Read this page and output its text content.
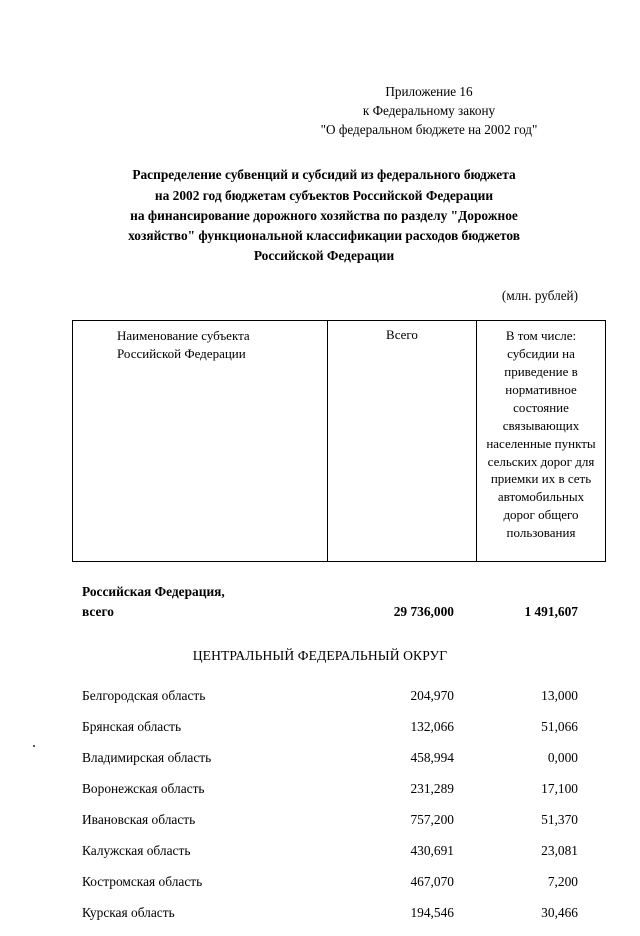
Приложение 16
к Федеральному закону
"О федеральном бюджете на 2002 год"
Распределение субвенций и субсидий из федерального бюджета
на 2002 год бюджетам субъектов Российской Федерации
на финансирование дорожного хозяйства по разделу "Дорожное
хозяйство" функциональной классификации расходов бюджетов
Российской Федерации
(млн. рублей)
Наименование субъекта
Российской Федерации
	Всего	В том числе: субсидии на приведение в нормативное состояние связывающих населенные пункты сельских дорог для приемки их в сеть автомобильных дорог общего пользования
Российская Федерация,
всего	29 736,000	1 491,607
ЦЕНТРАЛЬНЫЙ ФЕДЕРАЛЬНЫЙ ОКРУГ
Белгородская область	204,970	13,000
Брянская область	132,066	51,066
Владимирская область	458,994	0,000
Воронежская область	231,289	17,100
Ивановская область	757,200	51,370
Калужская область	430,691	23,081
Костромская область	467,070	7,200
Курская область	194,546	30,466
